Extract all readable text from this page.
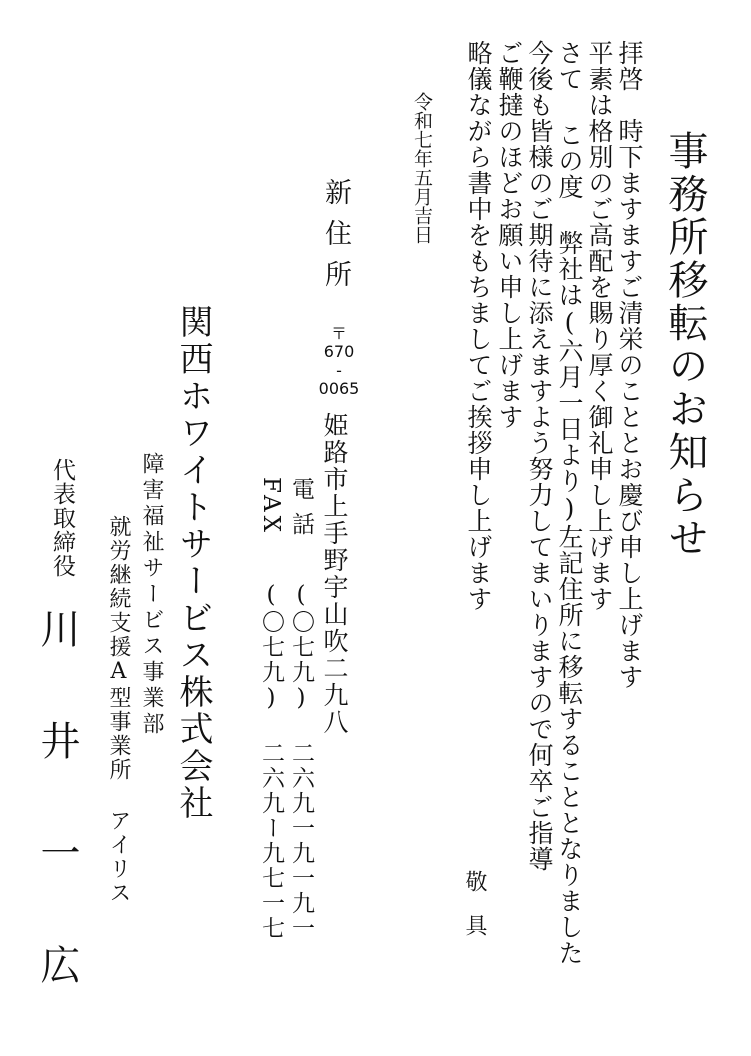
事務所移転のお知らせ
拝啓　時下ますますご清栄のこととお慶び申し上げます
平素は格別のご高配を賜り厚く御礼申し上げます
さて この度 弊社は(六月一日より)左記住所に移転することとなりました
今後も皆様のご期待に添えますよう努力してまいりますので何卒ご指導
ご鞭撻のほどお願い申し上げます
略儀ながら書中をもちましてご挨拶申し上げます
敬具
令和七年五月吉日
新住所
〒
670
-
0065
姫路市上手野宇山吹二九八
電話
(〇七九) 二六九一九一九一
FAX
(〇七九) 二六九ー九七一七
関西ホワイトサービス株式会社
障害福祉サービス事業部
就労継続支援A型事業所 アイリス
代表取締役
川井一広
